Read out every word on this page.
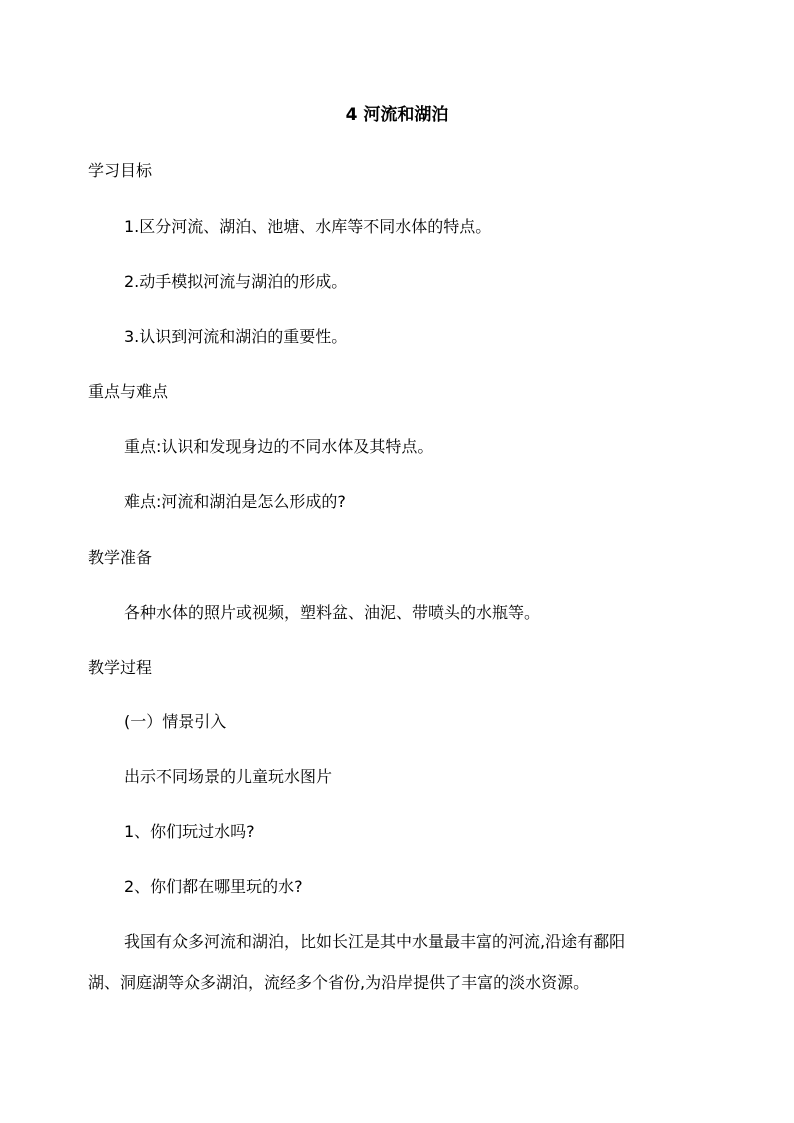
4 河流和湖泊
学习目标
1.区分河流、湖泊、池塘、水库等不同水体的特点。
2.动手模拟河流与湖泊的形成。
3.认识到河流和湖泊的重要性。
重点与难点
重点:认识和发现身边的不同水体及其特点。
难点:河流和湖泊是怎么形成的?
教学准备
各种水体的照片或视频，塑料盆、油泥、带喷头的水瓶等。
教学过程
(一）情景引入
出示不同场景的儿童玩水图片
1、你们玩过水吗?
2、你们都在哪里玩的水?
我国有众多河流和湖泊，比如长江是其中水量最丰富的河流,沿途有鄱阳
湖、洞庭湖等众多湖泊，流经多个省份,为沿岸提供了丰富的淡水资源。
